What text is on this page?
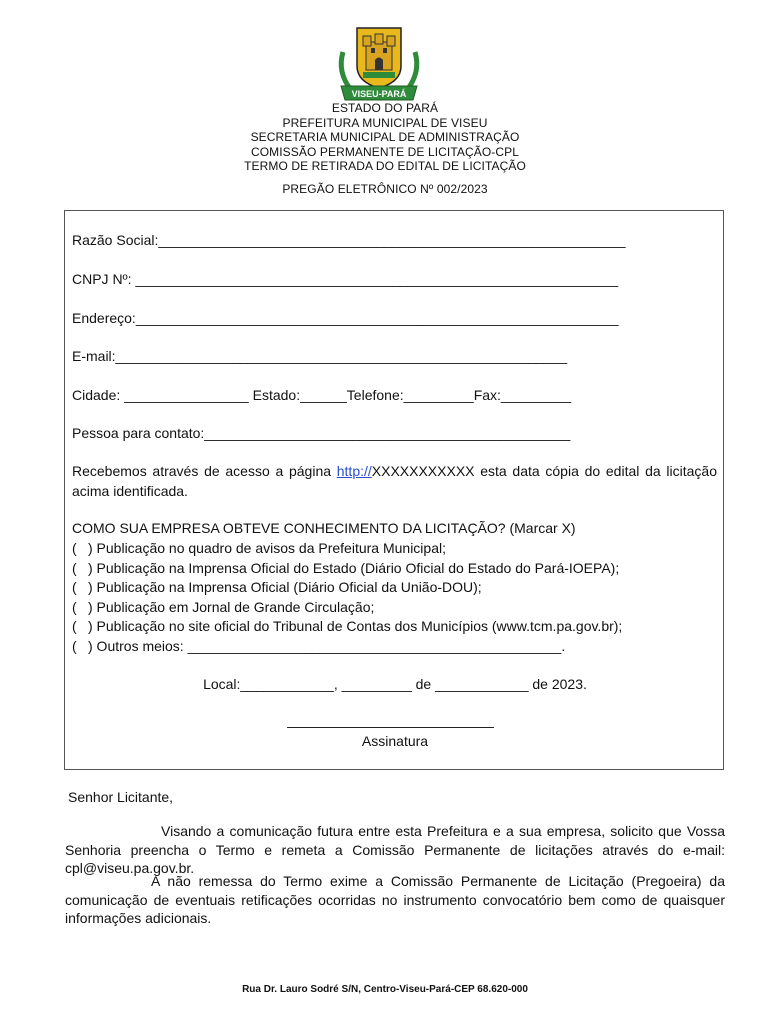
VISEU-PARÁ
ESTADO DO PARÁ
PREFEITURA MUNICIPAL DE VISEU
SECRETARIA MUNICIPAL DE ADMINISTRAÇÃO
COMISSÃO PERMANENTE DE LICITAÇÃO-CPL
TERMO DE RETIRADA DO EDITAL DE LICITAÇÃO
PREGÃO ELETRÔNICO Nº 002/2023
Razão Social:____________________________________________________________
CNPJ Nº: ______________________________________________________________
Endereço:______________________________________________________________
E-mail:__________________________________________________________
Cidade: ________________ Estado:______Telefone:_________Fax:_________
Pessoa para contato:_______________________________________________
Recebemos através de acesso a página http://XXXXXXXXXXX esta data cópia do edital da licitação acima identificada.
COMO SUA EMPRESA OBTEVE CONHECIMENTO DA LICITAÇÃO? (Marcar X)
( ) Publicação no quadro de avisos da Prefeitura Municipal;
( ) Publicação na Imprensa Oficial do Estado (Diário Oficial do Estado do Pará-IOEPA);
( ) Publicação na Imprensa Oficial (Diário Oficial da União-DOU);
( ) Publicação em Jornal de Grande Circulação;
( ) Publicação no site oficial do Tribunal de Contas dos Municípios (www.tcm.pa.gov.br);
( ) Outros meios: ________________________________________________.
Local:____________, _________ de ____________ de 2023.
Assinatura
Senhor Licitante,
Visando a comunicação futura entre esta Prefeitura e a sua empresa, solicito que Vossa Senhoria preencha o Termo e remeta a Comissão Permanente de licitações através do e-mail: cpl@viseu.pa.gov.br.
A não remessa do Termo exime a Comissão Permanente de Licitação (Pregoeira) da comunicação de eventuais retificações ocorridas no instrumento convocatório bem como de quaisquer informações adicionais.
Rua Dr. Lauro Sodré S/N, Centro-Viseu-Pará-CEP 68.620-000
